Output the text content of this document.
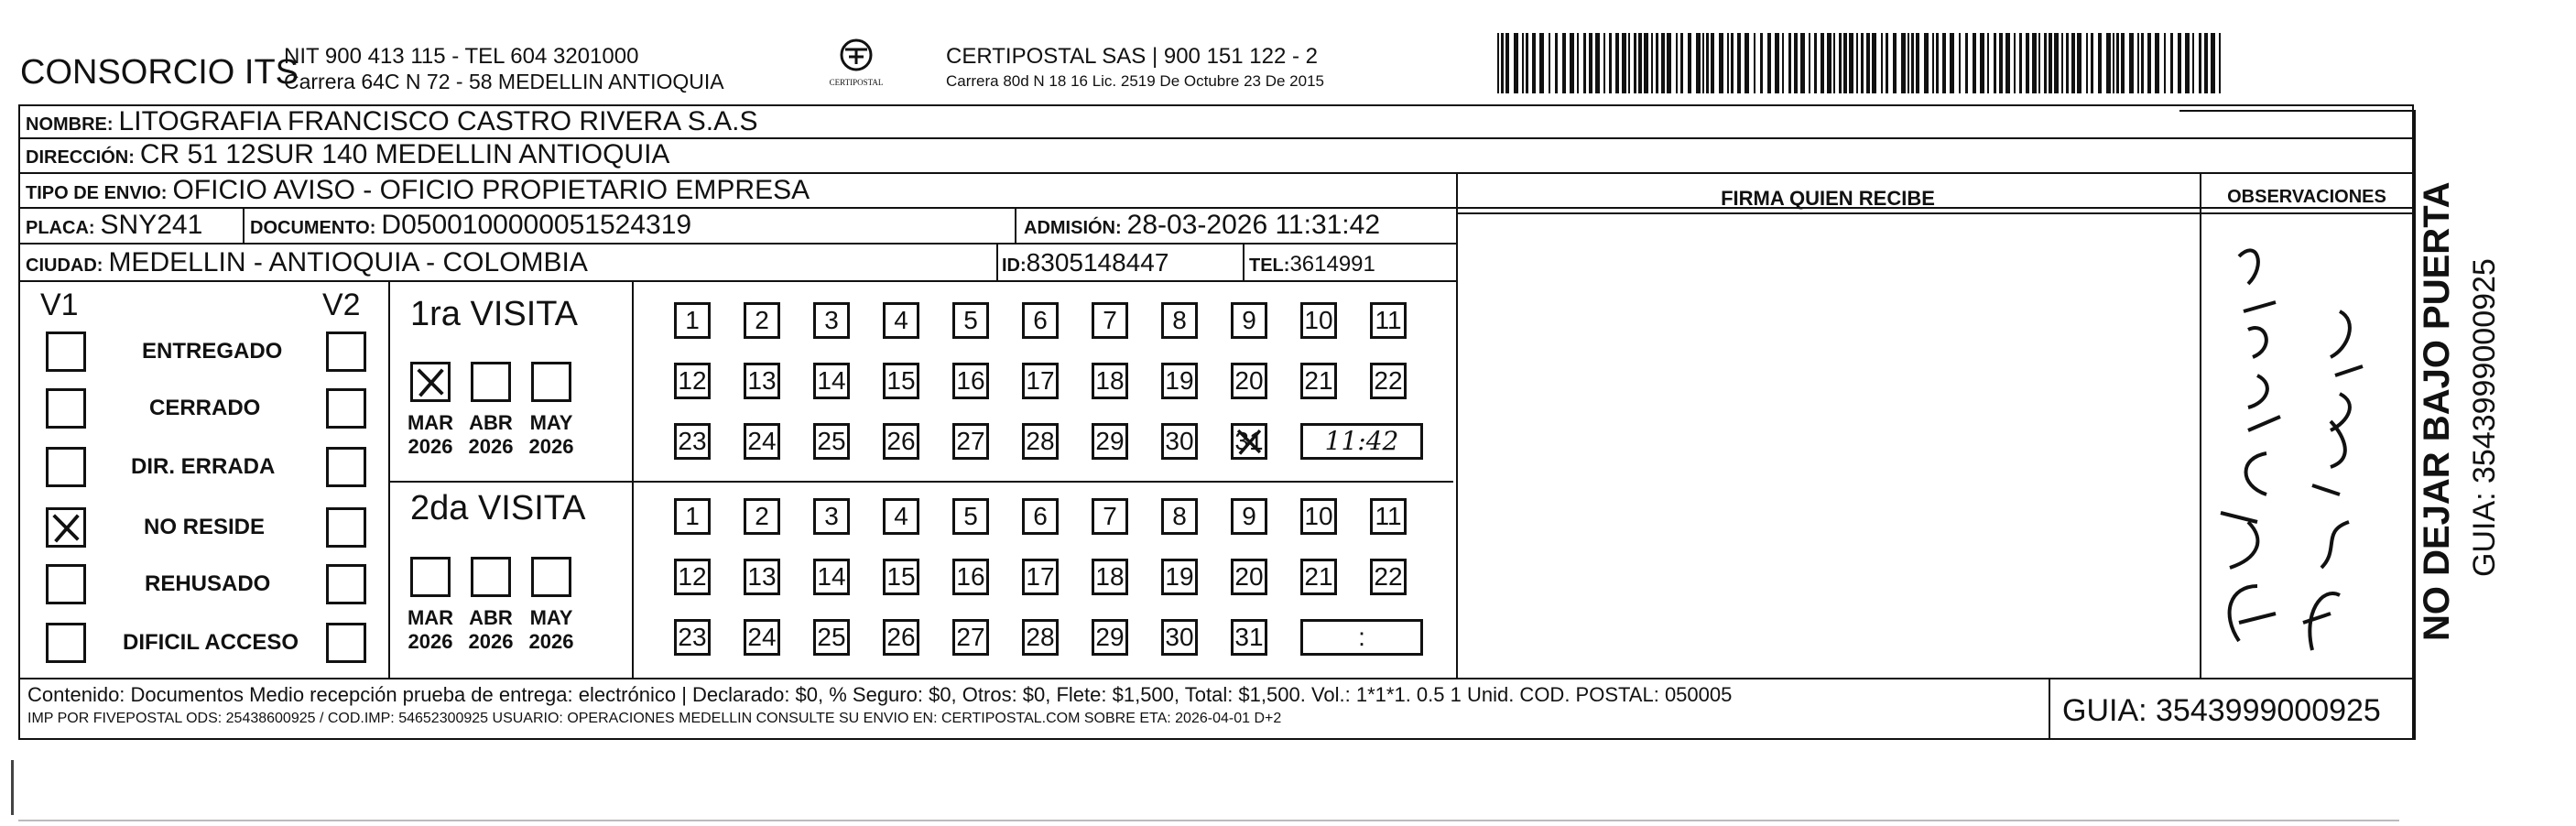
CONSORCIO ITS
NIT 900 413 115 - TEL 604 3201000
Carrera 64C N 72 - 58 MEDELLIN ANTIOQUIA	CERTIPOSTAL
CERTIPOSTAL SAS | 900 151 122 - 2
Carrera 80d N 18 16 Lic. 2519 De Octubre 23 De 2015
NOMBRE: LITOGRAFIA FRANCISCO CASTRO RIVERA S.A.S
DIRECCIÓN: CR 51 12SUR 140 MEDELLIN ANTIOQUIA
TIPO DE ENVIO: OFICIO AVISO - OFICIO PROPIETARIO EMPRESA
PLACA: SNY241	DOCUMENTO: D0500100000051524319	ADMISIÓN: 28-03-2026 11:31:42
CIUDAD: MEDELLIN - ANTIOQUIA - COLOMBIA	ID:8305148447	TEL:3614991
FIRMA QUIEN RECIBE	OBSERVACIONES
V1	V2
ENTREGADO
CERRADO
DIR. ERRADA
NO RESIDE
REHUSADO
DIFICIL ACCESO
1ra VISITA
2da VISITA
MAR
2026
ABR
2026
MAY
2026
1	2	3	4	5	6	7	8	9	10 11
12 13 14 15 16 17 18 19 20 21 22
23 24 25 26 27 28 29 30 31	11:42
MAR
2026
ABR
2026
MAY
2026
1	2	3	4	5	6	7	8	9	10 11
12 13 14 15 16 17 18 19 20 21 22
23 24 25 26 27 28 29 30 31	:
Contenido: Documentos Medio recepción prueba de entrega: electrónico | Declarado: $0, % Seguro: $0, Otros: $0, Flete: $1,500, Total: $1,500. Vol.: 1*1*1. 0.5 1 Unid. COD. POSTAL: 050005
IMP POR FIVEPOSTAL ODS: 25438600925 / COD.IMP: 54652300925 USUARIO: OPERACIONES MEDELLIN CONSULTE SU ENVIO EN: CERTIPOSTAL.COM SOBRE ETA: 2026-04-01 D+2	GUIA: 3543999000925
NO DEJAR BAJO PUERTA GUIA: 3543999000925
